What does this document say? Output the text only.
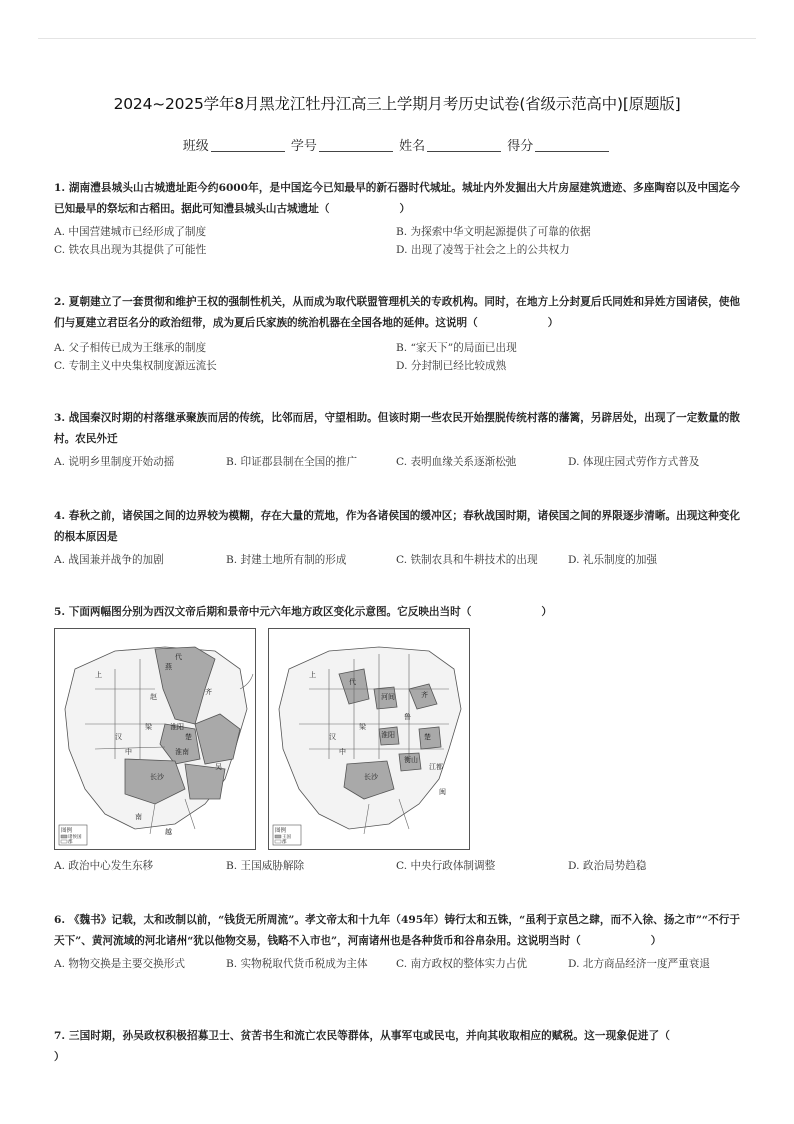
2024~2025学年8月黑龙江牡丹江高三上学期月考历史试卷(省级示范高中)[原题版]
班级	学号	姓名	得分
1. 湖南澧县城头山古城遗址距今约6000年，是中国迄今已知最早的新石器时代城址。城址内外发掘出大片房屋建筑遗迹、多座陶窑以及中国迄今已知最早的祭坛和古稻田。据此可知澧县城头山古城遗址（	）
A. 中国营建城市已经形成了制度	B. 为探索中华文明起源提供了可靠的依据
C. 铁农具出现为其提供了可能性	D. 出现了凌驾于社会之上的公共权力
2. 夏朝建立了一套贯彻和维护王权的强制性机关，从而成为取代联盟管理机关的专政机构。同时，在地方上分封夏后氏同姓和异姓方国诸侯，使他们与夏建立君臣名分的政治纽带，成为夏后氏家族的统治机器在全国各地的延伸。这说明（	）
A. 父子相传已成为王继承的制度	B. “家天下”的局面已出现
C. 专制主义中央集权制度源远流长	D. 分封制已经比较成熟
3. 战国秦汉时期的村落继承聚族而居的传统，比邻而居，守望相助。但该时期一些农民开始摆脱传统村落的藩篱，另辟居处，出现了一定数量的散村。农民外迁
A. 说明乡里制度开始动摇	B. 印证郡县制在全国的推广	C. 表明血缘关系逐渐松弛	D. 体现庄园式劳作方式普及
4. 春秋之前，诸侯国之间的边界较为模糊，存在大量的荒地，作为各诸侯国的缓冲区；春秋战国时期，诸侯国之间的界限逐步清晰。出现这种变化的根本原因是
A. 战国兼并战争的加剧	B. 封建土地所有制的形成	C. 铁制农具和牛耕技术的出现	D. 礼乐制度的加强
5. 下面两幅图分别为西汉文帝后期和景帝中元六年地方政区变化示意图。它反映出当时（	）
代
上
赵
齐
燕
梁	淮阳
楚
吴
淮南
长沙
南
越
汉
中
图例
诸侯国
郡
代
上
河间	齐
梁
淮阳
鲁
楚
江都
衡山
长沙
汉
中
闽
图例
王国
郡
A. 政治中心发生东移	B. 王国威胁解除	C. 中央行政体制调整	D. 政治局势趋稳
6. 《魏书》记载，太和改制以前，“钱货无所周流”。孝文帝太和十九年（495年）铸行太和五铢，“虽利于京邑之肆，而不入徐、扬之市”“不行于天下”、黄河流域的河北诸州“犹以他物交易，钱略不入市也”，河南诸州也是各种货币和谷帛杂用。这说明当时（	）
A. 物物交换是主要交换形式	B. 实物税取代货币税成为主体	C. 南方政权的整体实力占优	D. 北方商品经济一度严重衰退
7. 三国时期，孙吴政权积极招募卫士、贫苦书生和流亡农民等群体，从事军屯或民屯，并向其收取相应的赋税。这一现象促进了（）
